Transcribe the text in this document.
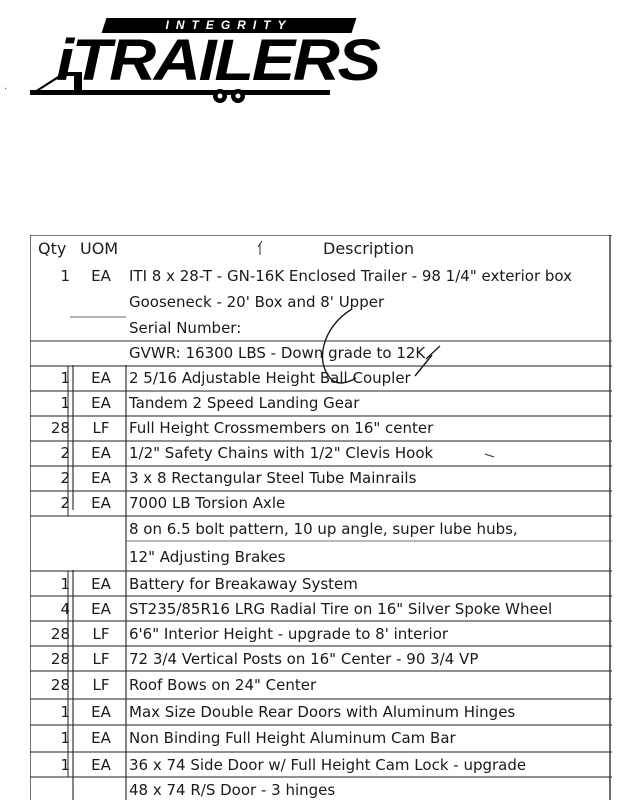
INTEGRITY
iTRAILERS
·
Qty UOM	Description
1	EA	ITI 8 x 28-T - GN-16K Enclosed Trailer - 98 1/4" exterior box
Gooseneck - 20' Box and 8' Upper
Serial Number:
GVWR: 16300 LBS - Down grade to 12K
1	EA	2 5/16 Adjustable Height Ball Coupler
1	EA	Tandem 2 Speed Landing Gear
28	LF	Full Height Crossmembers on 16" center
2	EA	1/2" Safety Chains with 1/2" Clevis Hook
2	EA	3 x 8 Rectangular Steel Tube Mainrails
2	EA	7000 LB Torsion Axle
8 on 6.5 bolt pattern, 10 up angle, super lube hubs,
12" Adjusting Brakes
1	EA	Battery for Breakaway System
4	EA	ST235/85R16 LRG Radial Tire on 16" Silver Spoke Wheel
28	LF	6'6" Interior Height - upgrade to 8' interior
28	LF	72 3/4 Vertical Posts on 16" Center - 90 3/4 VP
28	LF	Roof Bows on 24" Center
1	EA	Max Size Double Rear Doors with Aluminum Hinges
1	EA	Non Binding Full Height Aluminum Cam Bar
1	EA	36 x 74 Side Door w/ Full Height Cam Lock - upgrade
48 x 74 R/S Door - 3 hinges
